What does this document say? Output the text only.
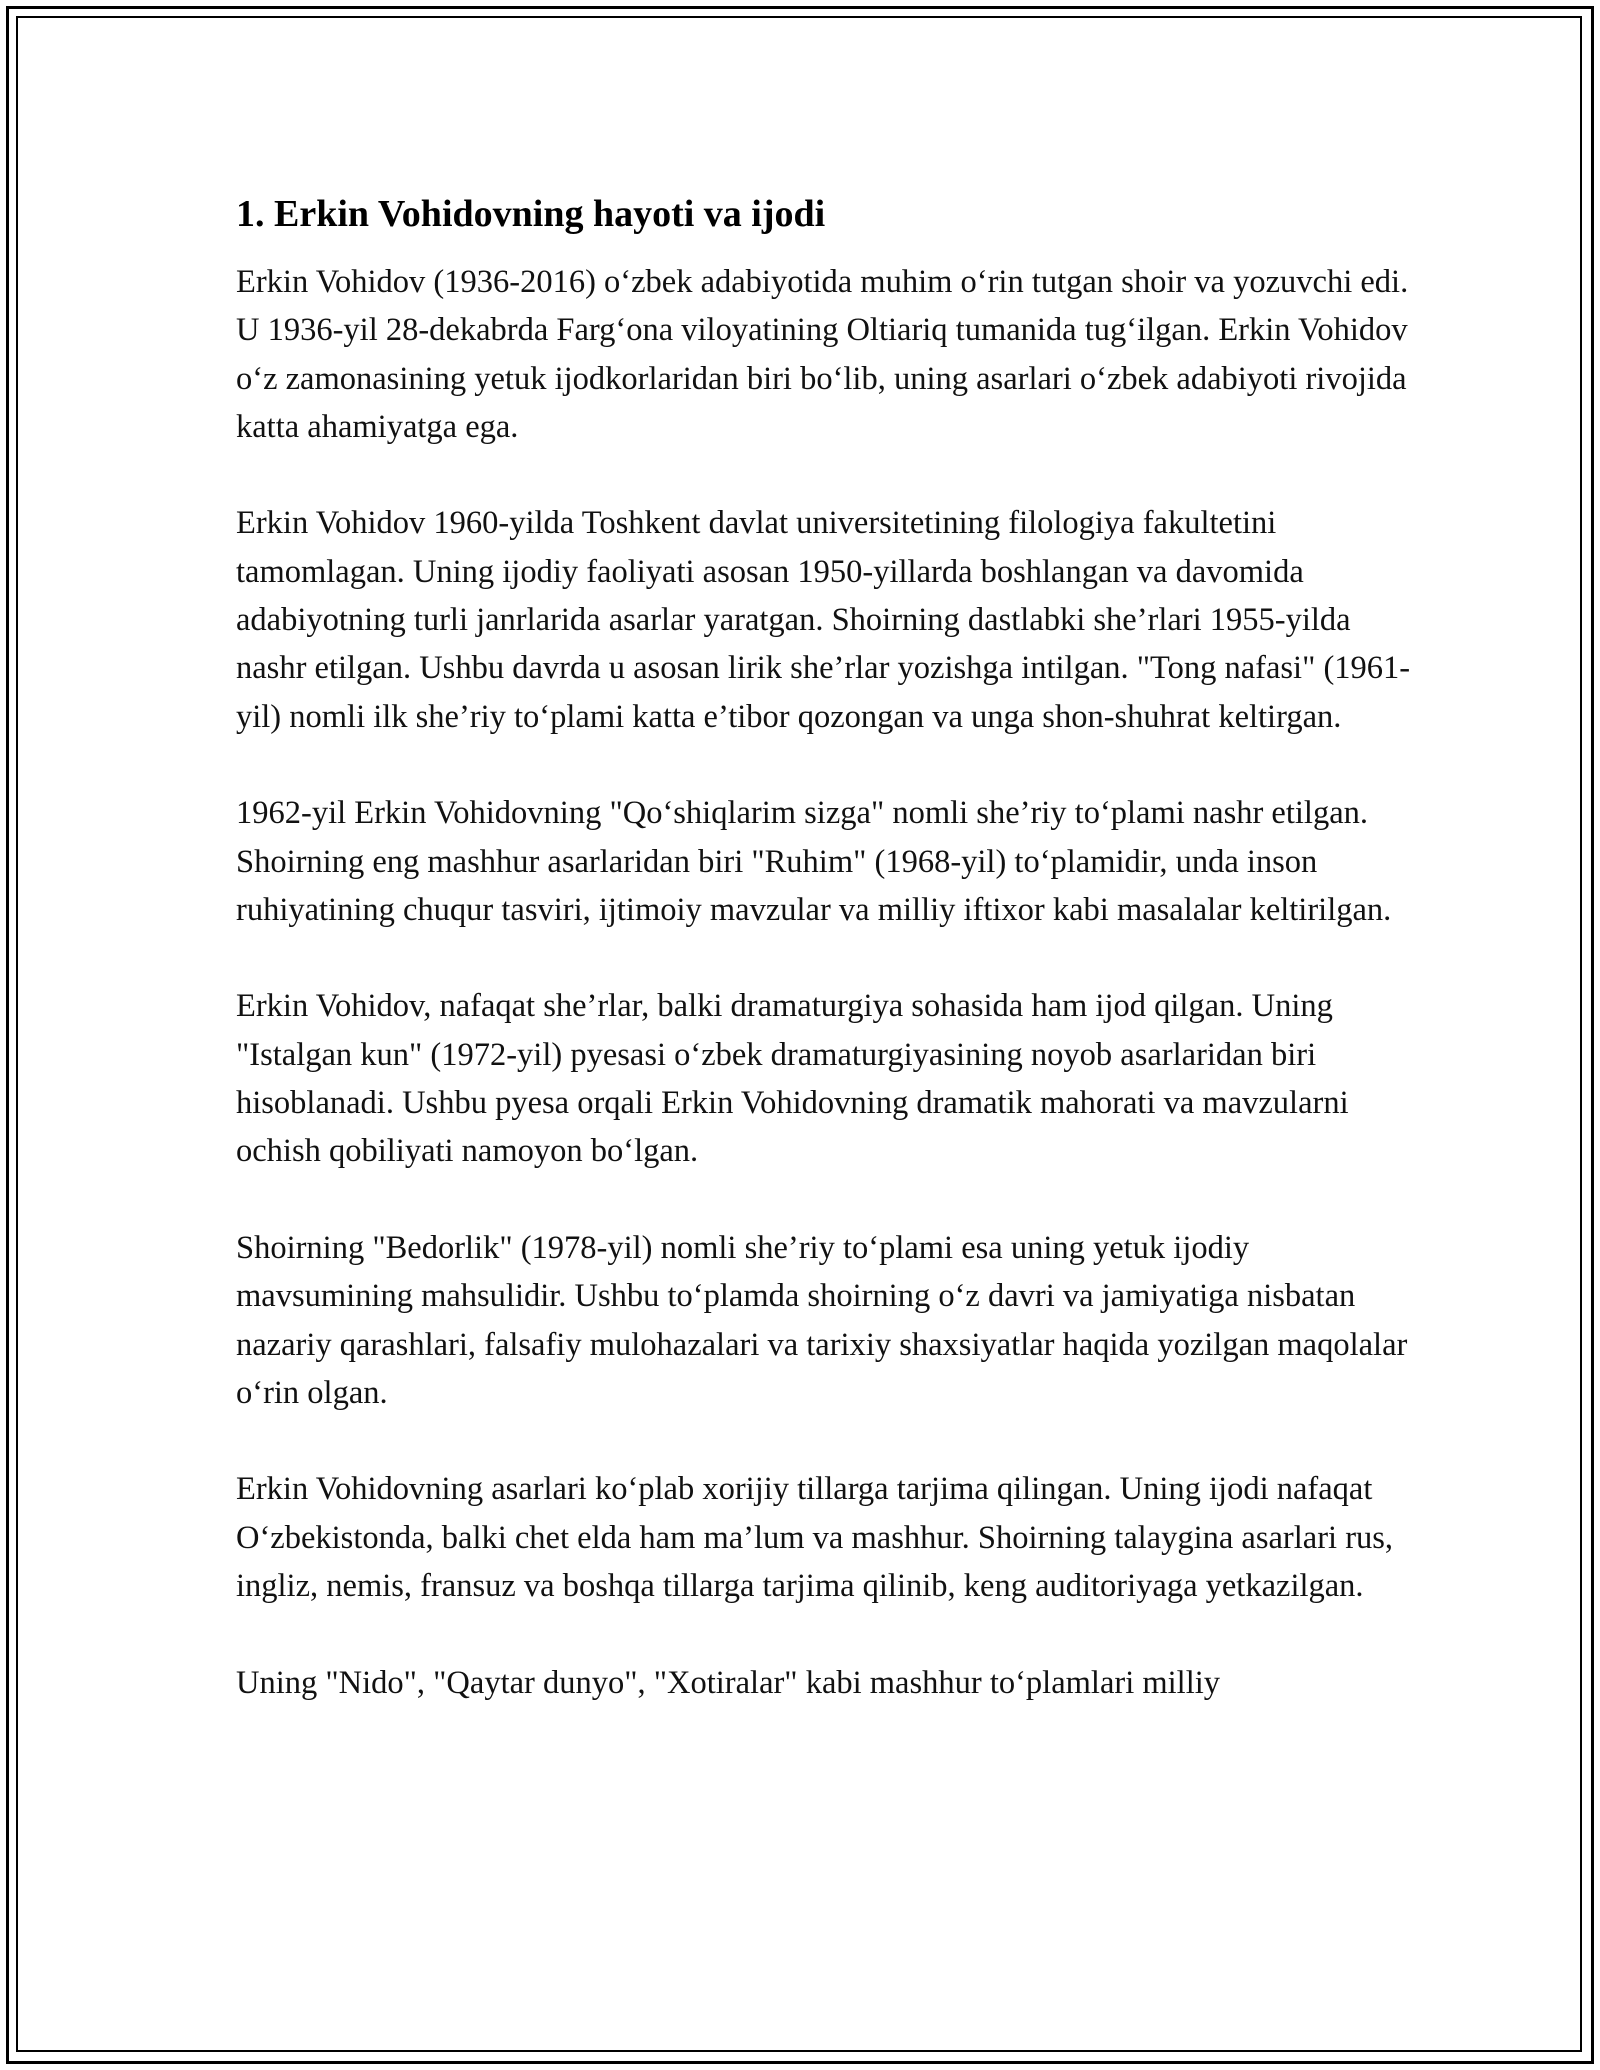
1. Erkin Vohidovning hayoti va ijodi

Erkin Vohidov (1936-2016) o‘zbek adabiyotida muhim o‘rin tutgan shoir va yozuvchi edi. U 1936-yil 28-dekabrda Farg‘ona viloyatining Oltiariq tumanida tug‘ilgan. Erkin Vohidov o‘z zamonasining yetuk ijodkorlaridan biri bo‘lib, uning asarlari o‘zbek adabiyoti rivojida katta ahamiyatga ega.

Erkin Vohidov 1960-yilda Toshkent davlat universitetining filologiya fakultetini tamomlagan. Uning ijodiy faoliyati asosan 1950-yillarda boshlangan va davomida adabiyotning turli janrlarida asarlar yaratgan. Shoirning dastlabki she’rlari 1955-yilda nashr etilgan. Ushbu davrda u asosan lirik she’rlar yozishga intilgan. "Tong nafasi" (1961-yil) nomli ilk she’riy to‘plami katta e’tibor qozongan va unga shon-shuhrat keltirgan.

1962-yil Erkin Vohidovning "Qo‘shiqlarim sizga" nomli she’riy to‘plami nashr etilgan. Shoirning eng mashhur asarlaridan biri "Ruhim" (1968-yil) to‘plamidir, unda inson ruhiyatining chuqur tasviri, ijtimoiy mavzular va milliy iftixor kabi masalalar keltirilgan.

Erkin Vohidov, nafaqat she’rlar, balki dramaturgiya sohasida ham ijod qilgan. Uning "Istalgan kun" (1972-yil) pyesasi o‘zbek dramaturgiyasining noyob asarlaridan biri hisoblanadi. Ushbu pyesa orqali Erkin Vohidovning dramatik mahorati va mavzularni ochish qobiliyati namoyon bo‘lgan.

Shoirning "Bedorlik" (1978-yil) nomli she’riy to‘plami esa uning yetuk ijodiy mavsumining mahsulidir. Ushbu to‘plamda shoirning o‘z davri va jamiyatiga nisbatan nazariy qarashlari, falsafiy mulohazalari va tarixiy shaxsiyatlar haqida yozilgan maqolalar o‘rin olgan.

Erkin Vohidovning asarlari ko‘plab xorijiy tillarga tarjima qilingan. Uning ijodi nafaqat O‘zbekistonda, balki chet elda ham ma’lum va mashhur. Shoirning talaygina asarlari rus, ingliz, nemis, fransuz va boshqa tillarga tarjima qilinib, keng auditoriyaga yetkazilgan.

Uning "Nido", "Qaytar dunyo", "Xotiralar" kabi mashhur to‘plamlari milliy
